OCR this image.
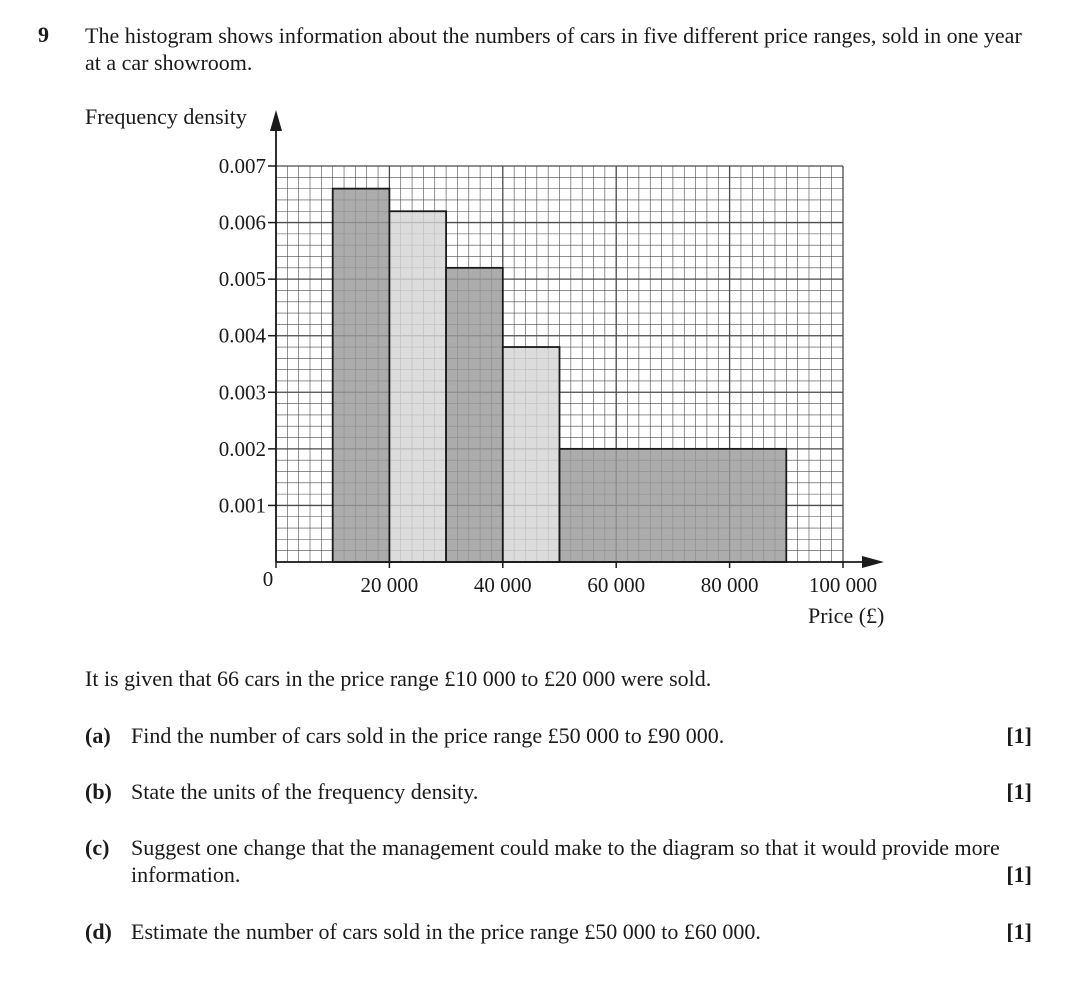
9 The histogram shows information about the numbers of cars in five different price ranges, sold in one year at a car showroom.
0.001
0.002
0.003
0.004
0.005
0.006
0.007
0	20 000	40 000	60 000	80 000 100 000
Frequency density
Price (£)
It is given that 66 cars in the price range £10 000 to £20 000 were sold.
(a) Find the number of cars sold in the price range £50 000 to £90 000.	[1]
(b) State the units of the frequency density.	[1]
(c) Suggest one change that the management could make to the diagram so that it would provide more information.	[1]
(d) Estimate the number of cars sold in the price range £50 000 to £60 000.	[1]
